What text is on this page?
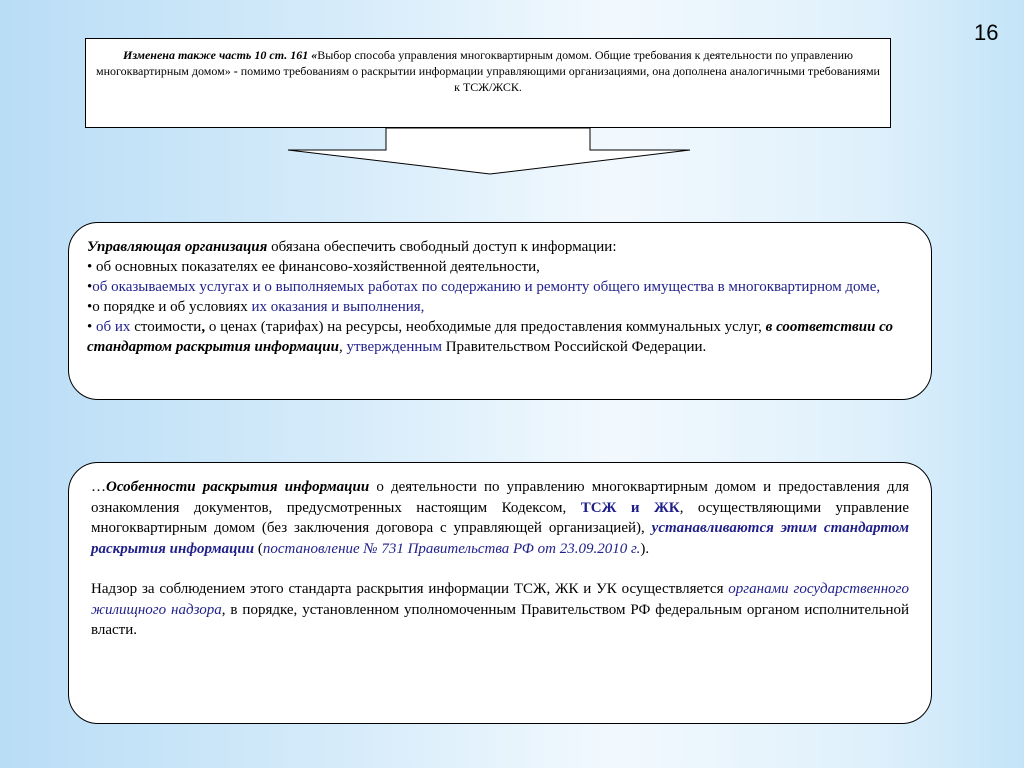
16
Изменена также часть 10 ст. 161 «Выбор способа управления многоквартирным домом. Общие требования к деятельности по управлению многоквартирным домом» - помимо требованиям о раскрытии информации управляющими организациями, она дополнена аналогичными требованиями к ТСЖ/ЖСК.

Управляющая организация обязана обеспечить свободный доступ к информации:

• об основных показателях ее финансово-хозяйственной деятельности,

•об оказываемых услугах и о выполняемых работах по содержанию и ремонту общего имущества в многоквартирном доме,

•о порядке и об условиях их оказания и выполнения,

• об их стоимости, о ценах (тарифах) на ресурсы, необходимые для предоставления коммунальных услуг, в соответствии со стандартом раскрытия информации, утвержденным Правительством Российской Федерации.

…Особенности раскрытия информации о деятельности по управлению многоквартирным домом и предоставления для ознакомления документов, предусмотренных настоящим Кодексом, ТСЖ и ЖК, осуществляющими управление многоквартирным домом (без заключения договора с управляющей организацией), устанавливаются этим стандартом раскрытия информации (постановление № 731 Правительства РФ от 23.09.2010 г.).

Надзор за соблюдением этого стандарта раскрытия информации ТСЖ, ЖК и УК осуществляется органами государственного жилищного надзора, в порядке, установленном уполномоченным Правительством РФ федеральным органом исполнительной власти.
